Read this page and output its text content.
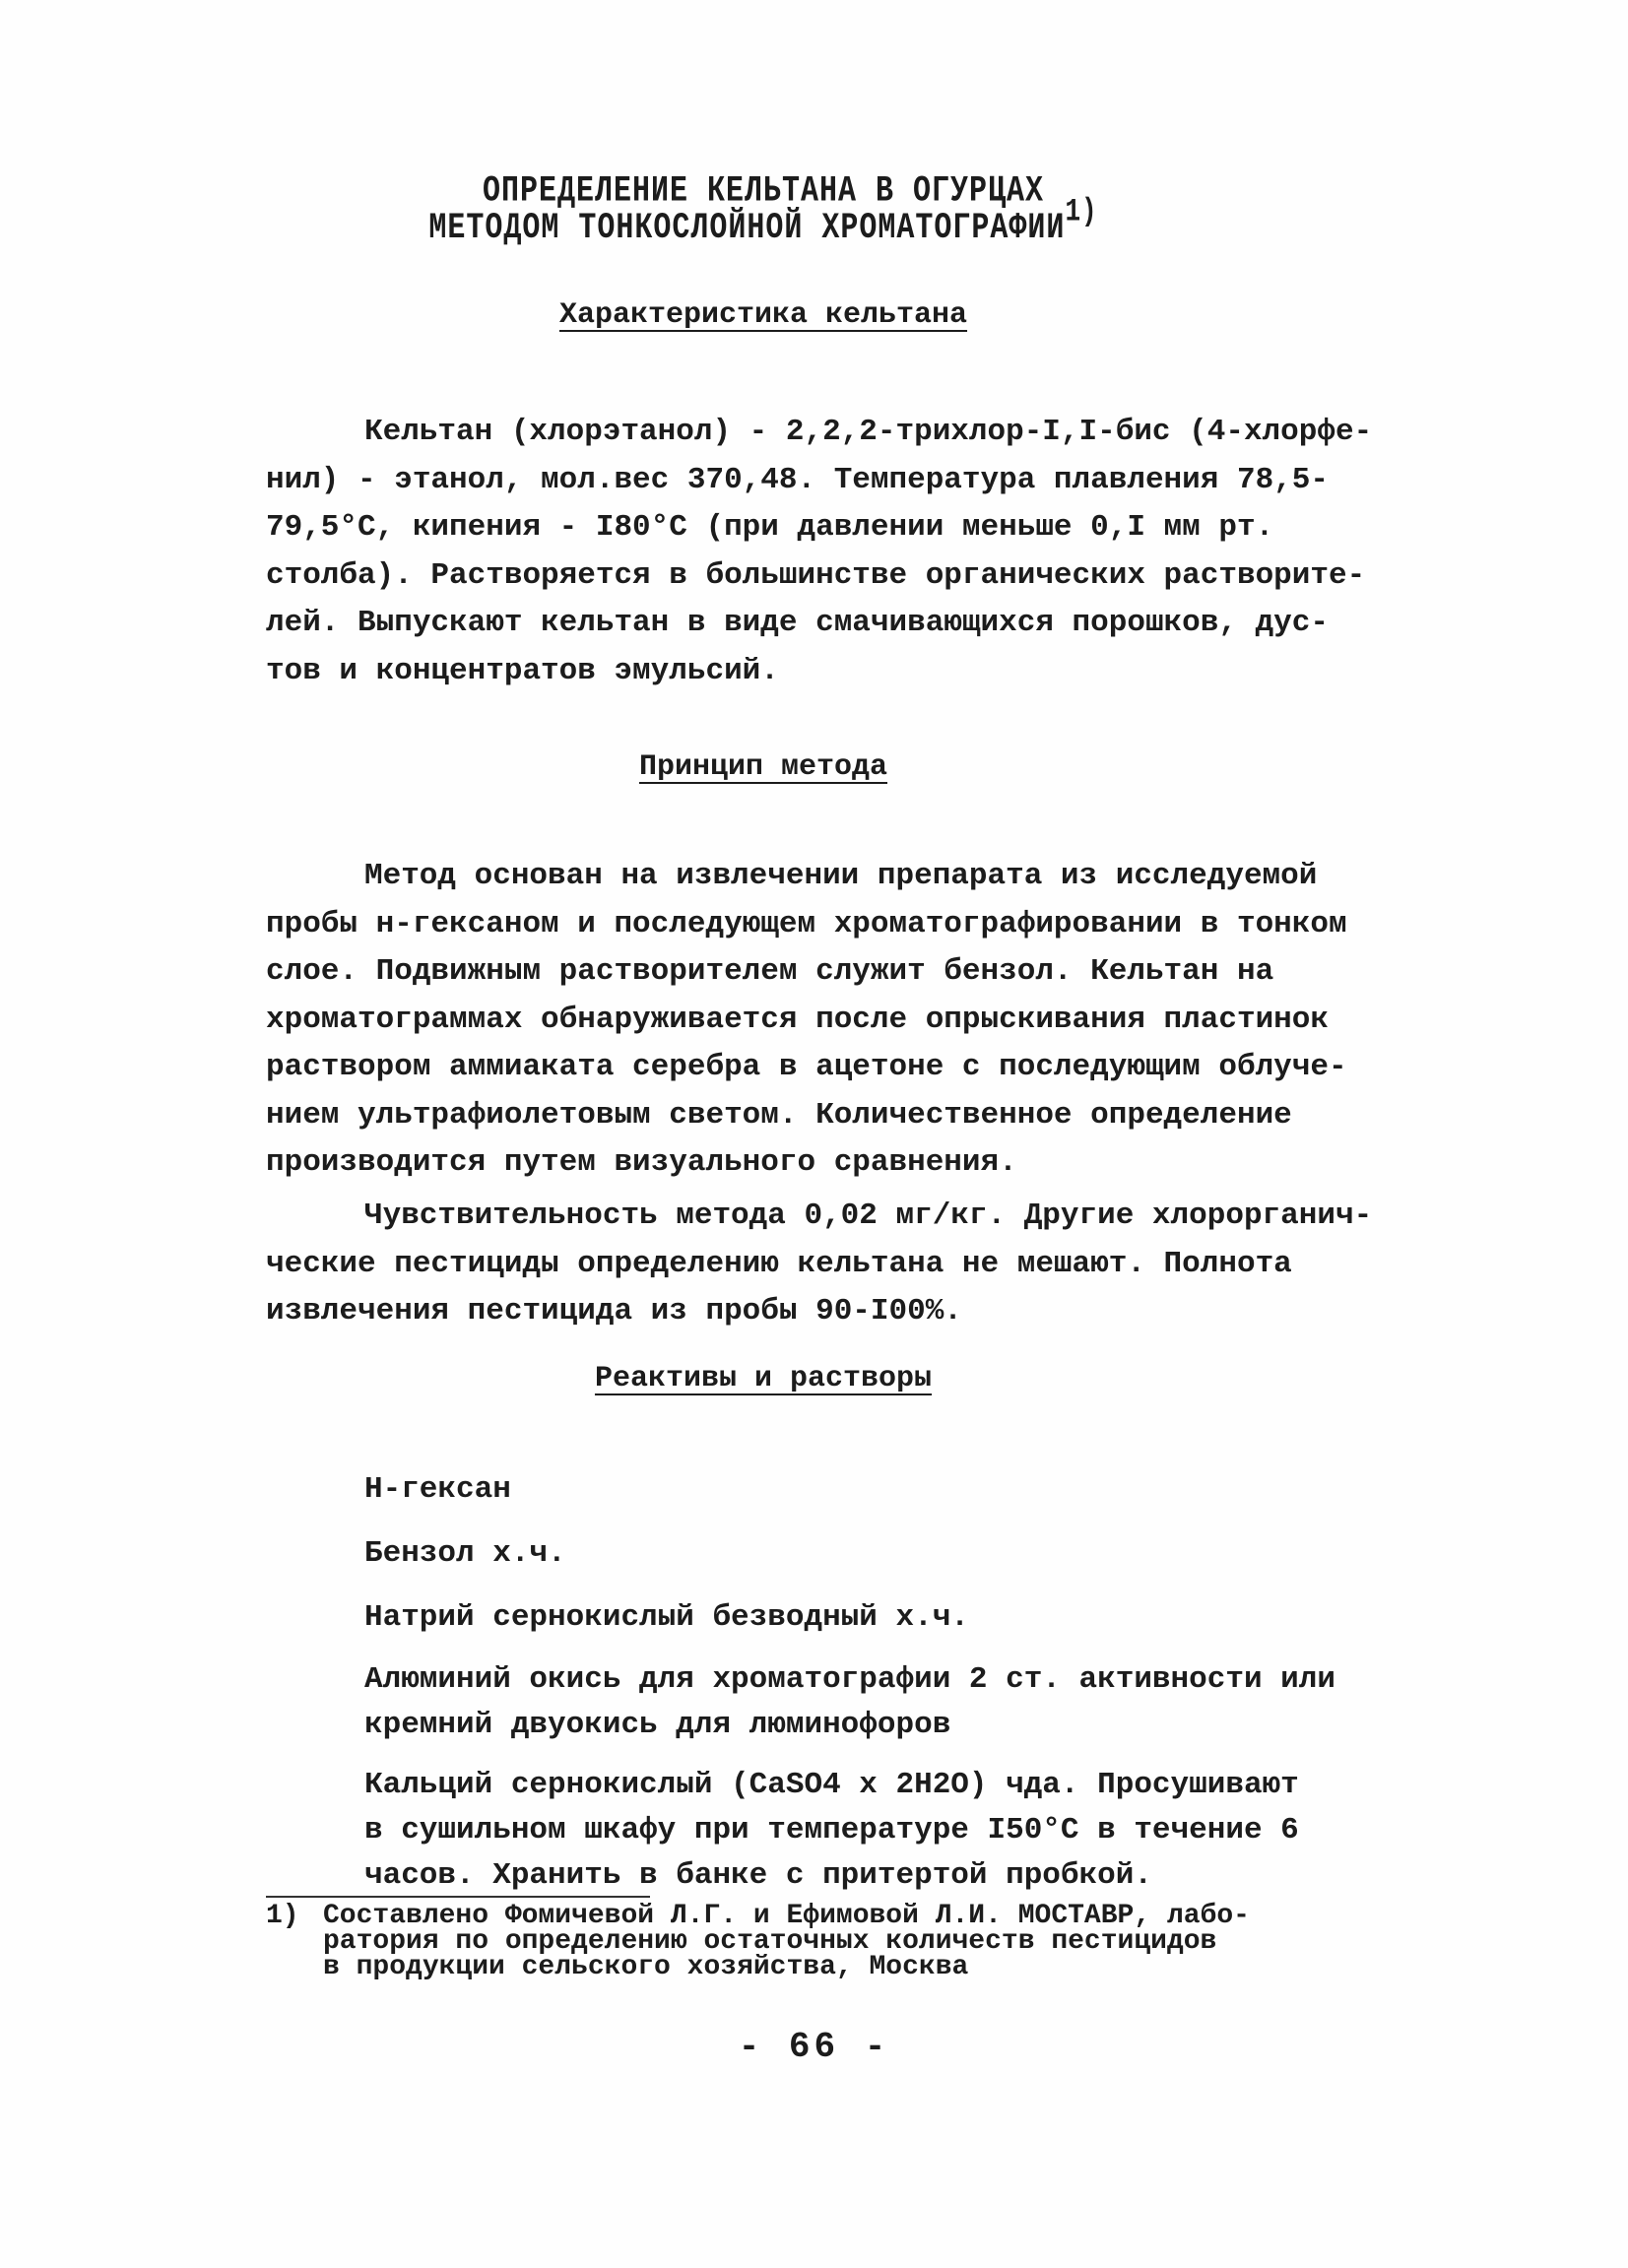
ОПРЕДЕЛЕНИЕ КЕЛЬТАНА В ОГУРЦАХ
МЕТОДОМ ТОНКОСЛОЙНОЙ ХРОМАТОГРАФИИ1)
Характеристика кельтана
Кельтан (хлорэтанол) - 2,2,2-трихлор-I,I-бис (4-хлорфе-
нил) - этанол, мол.вес 370,48. Температура плавления 78,5-
79,5°C, кипения - I80°C (при давлении меньше 0,I мм рт.
столба). Растворяется в большинстве органических растворите-
лей. Выпускают кельтан в виде смачивающихся порошков, дус-
тов и концентратов эмульсий.
Принцип метода
Метод основан на извлечении препарата из исследуемой
пробы н-гексаном и последующем хроматографировании в тонком
слое. Подвижным растворителем служит бензол. Кельтан на
хроматограммах обнаруживается после опрыскивания пластинок
раствором аммиаката серебра в ацетоне с последующим облуче-
нием ультрафиолетовым светом. Количественное определение
производится путем визуального сравнения.
Чувствительность метода 0,02 мг/кг. Другие хлорорганич-
ческие пестициды определению кельтана не мешают. Полнота
извлечения пестицида из пробы 90-I00%.
Реактивы и растворы
Н-гексан
Бензол х.ч.
Натрий сернокислый безводный х.ч.
Алюминий окись для хроматографии 2 ст. активности или
кремний двуокись для люминофоров
Кальций сернокислый (CaSO4 x 2H2O) чда. Просушивают
в сушильном шкафу при температуре I50°C в течение 6
часов. Хранить в банке с притертой пробкой.
1) Составлено Фомичевой Л.Г. и Ефимовой Л.И. МОСТАВР, лабо-
ратория по определению остаточных количеств пестицидов
в продукции сельского хозяйства, Москва
- 66 -
